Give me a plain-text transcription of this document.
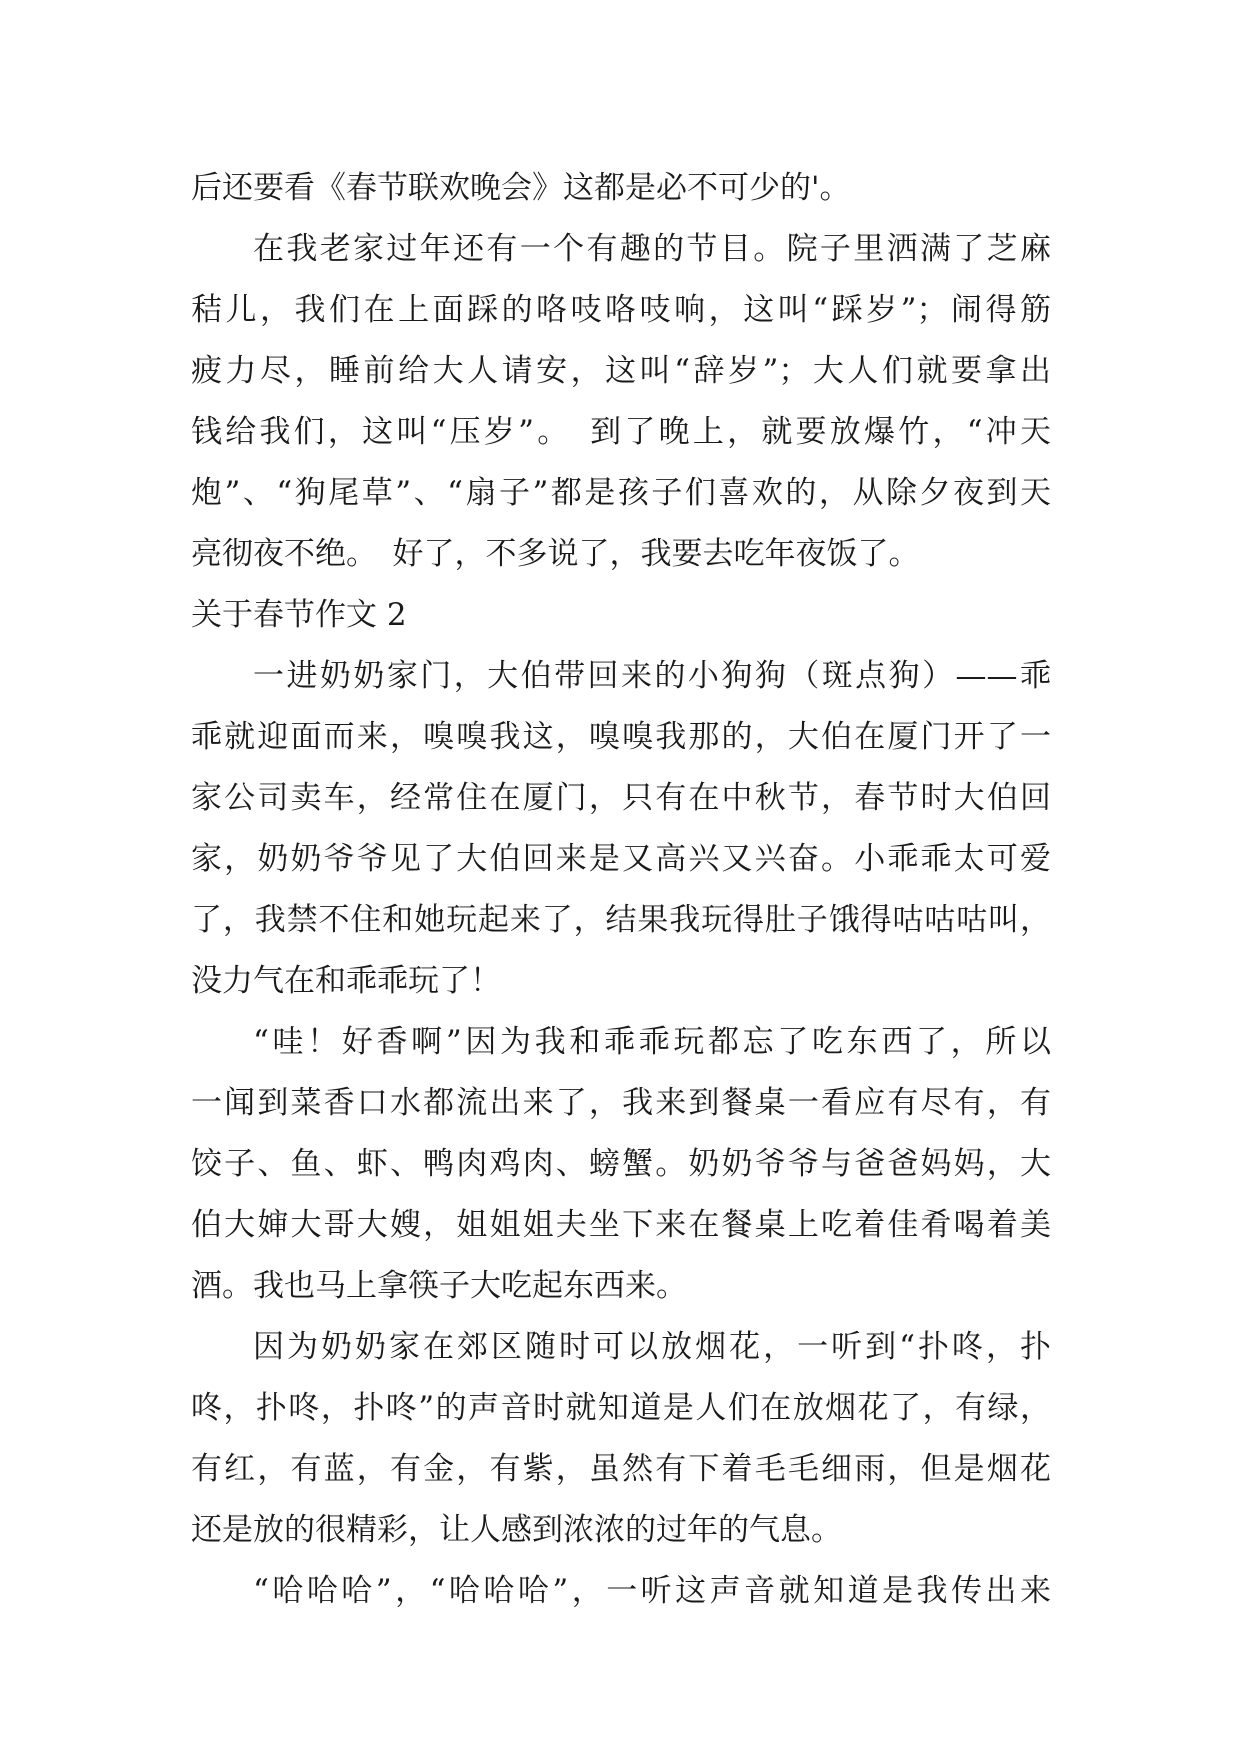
后还要看《春节联欢晚会》这都是必不可少的'。
在我老家过年还有一个有趣的节目。院子里洒满了芝麻
秸儿，我们在上面踩的咯吱咯吱响，这叫“踩岁”；闹得筋
疲力尽，睡前给大人请安，这叫“辞岁”；大人们就要拿出
钱给我们，这叫“压岁”。　到了晚上，就要放爆竹，“冲天
炮”、“狗尾草”、“扇子”都是孩子们喜欢的，从除夕夜到天
亮彻夜不绝。　好了，不多说了，我要去吃年夜饭了。
关于春节作文 2
一进奶奶家门，大伯带回来的小狗狗（斑点狗）——乖
乖就迎面而来，嗅嗅我这，嗅嗅我那的，大伯在厦门开了一
家公司卖车，经常住在厦门，只有在中秋节，春节时大伯回
家，奶奶爷爷见了大伯回来是又高兴又兴奋。小乖乖太可爱
了，我禁不住和她玩起来了，结果我玩得肚子饿得咕咕咕叫，
没力气在和乖乖玩了！
“哇！好香啊”因为我和乖乖玩都忘了吃东西了，所以
一闻到菜香口水都流出来了，我来到餐桌一看应有尽有，有
饺子、鱼、虾、鸭肉鸡肉、螃蟹。奶奶爷爷与爸爸妈妈，大
伯大婶大哥大嫂，姐姐姐夫坐下来在餐桌上吃着佳肴喝着美
酒。我也马上拿筷子大吃起东西来。
因为奶奶家在郊区随时可以放烟花，一听到“扑咚，扑
咚，扑咚，扑咚”的声音时就知道是人们在放烟花了，有绿，
有红，有蓝，有金，有紫，虽然有下着毛毛细雨，但是烟花
还是放的很精彩，让人感到浓浓的过年的气息。
“哈哈哈”，“哈哈哈”，一听这声音就知道是我传出来
